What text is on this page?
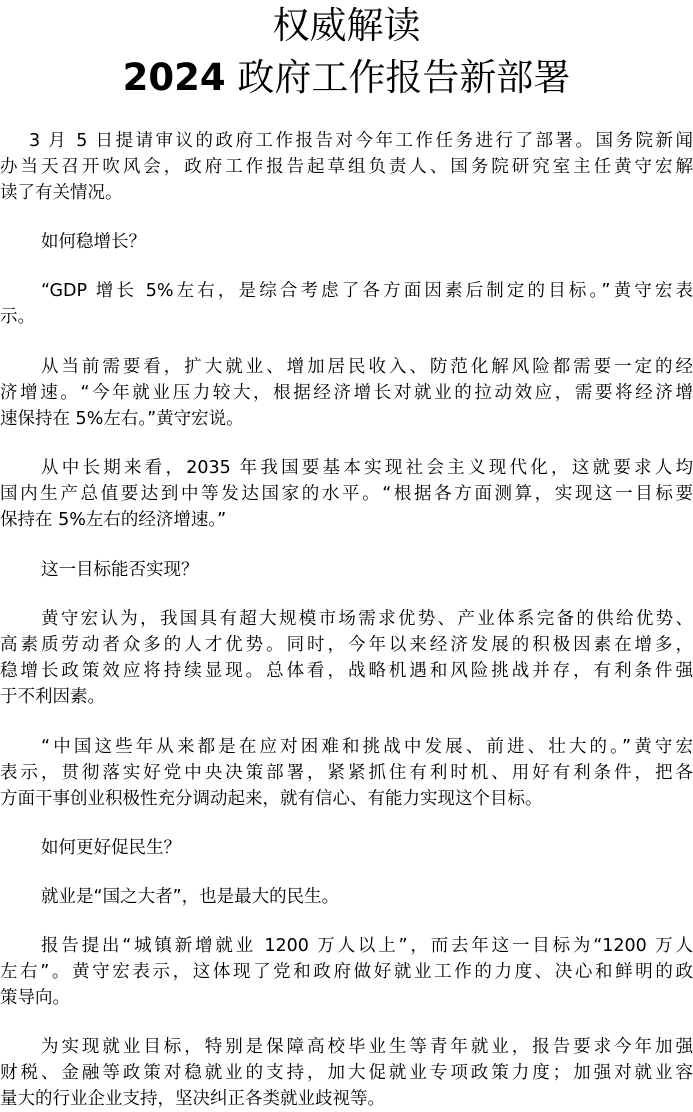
权威解读
2024 政府工作报告新部署
3 月 5 日提请审议的政府工作报告对今年工作任务进行了部署。国务院新闻
办当天召开吹风会，政府工作报告起草组负责人、国务院研究室主任黄守宏解
读了有关情况。
如何稳增长？
“GDP 增长 5%左右，是综合考虑了各方面因素后制定的目标。”黄守宏表
示。
从当前需要看，扩大就业、增加居民收入、防范化解风险都需要一定的经
济增速。“今年就业压力较大，根据经济增长对就业的拉动效应，需要将经济增
速保持在 5%左右。”黄守宏说。
从中长期来看，2035 年我国要基本实现社会主义现代化，这就要求人均
国内生产总值要达到中等发达国家的水平。“根据各方面测算，实现这一目标要
保持在 5%左右的经济增速。”
这一目标能否实现？
黄守宏认为，我国具有超大规模市场需求优势、产业体系完备的供给优势、
高素质劳动者众多的人才优势。同时，今年以来经济发展的积极因素在增多，
稳增长政策效应将持续显现。总体看，战略机遇和风险挑战并存，有利条件强
于不利因素。
“中国这些年从来都是在应对困难和挑战中发展、前进、壮大的。”黄守宏
表示，贯彻落实好党中央决策部署，紧紧抓住有利时机、用好有利条件，把各
方面干事创业积极性充分调动起来，就有信心、有能力实现这个目标。
如何更好促民生？
就业是“国之大者”，也是最大的民生。
报告提出“城镇新增就业 1200 万人以上”，而去年这一目标为“1200 万人
左右”。黄守宏表示，这体现了党和政府做好就业工作的力度、决心和鲜明的政
策导向。
为实现就业目标，特别是保障高校毕业生等青年就业，报告要求今年加强
财税、金融等政策对稳就业的支持，加大促就业专项政策力度；加强对就业容
量大的行业企业支持，坚决纠正各类就业歧视等。
